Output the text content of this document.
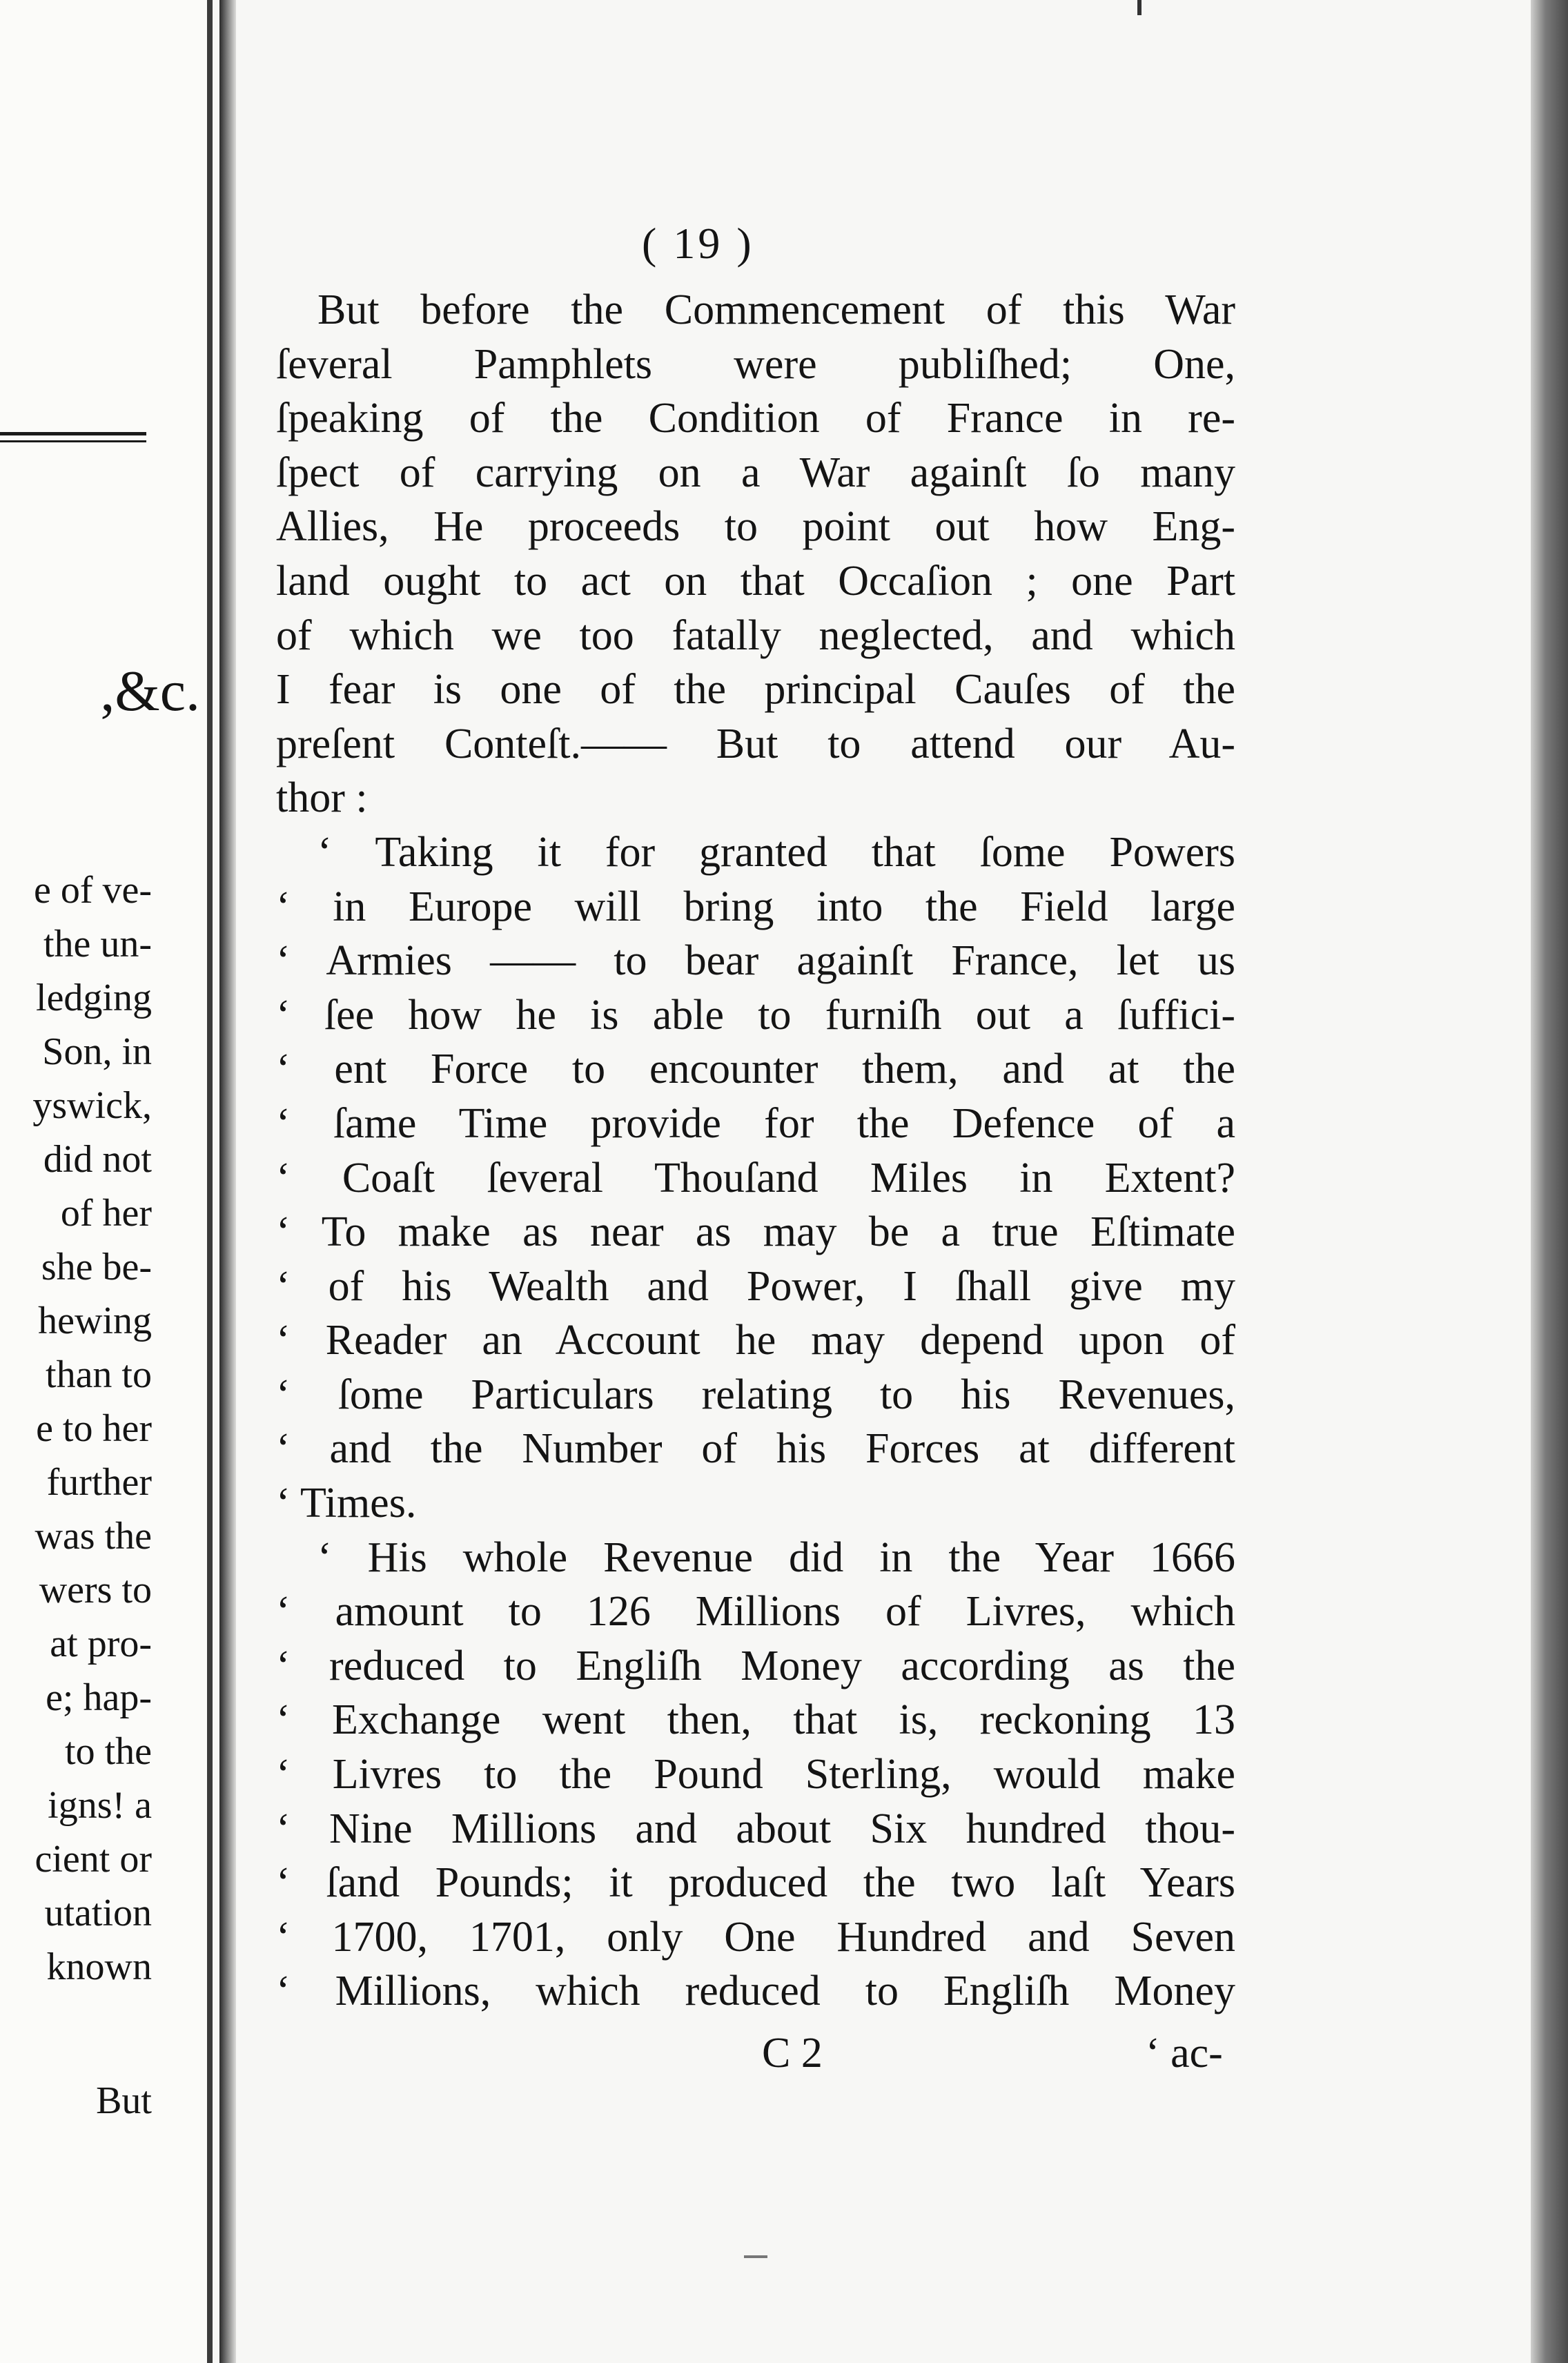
,&c.
e of ve-
the un-
ledging
Son, in
yswick,
did not
of her
she be-
hewing
than to
e to her
further
was the
wers to
at pro-
e; hap-
to the
igns! a
cient or
utation
known
But
( 19 )
But before the Commencement of this War
ſeveral Pamphlets were publiſhed; One,
ſpeaking of the Condition of France in re-
ſpect of carrying on a War againſt ſo many
Allies, He proceeds to point out how Eng-
land ought to act on that Occaſion ; one Part
of which we too fatally neglected, and which
I fear is one of the principal Cauſes of the
preſent Conteſt.—— But to attend our Au-
thor :
‘ Taking it for granted that ſome Powers
‘ in Europe will bring into the Field large
‘ Armies —— to bear againſt France, let us
‘ ſee how he is able to furniſh out a ſuffici-
‘ ent Force to encounter them, and at the
‘ ſame Time provide for the Defence of a
‘ Coaſt ſeveral Thouſand Miles in Extent?
‘ To make as near as may be a true Eſtimate
‘ of his Wealth and Power, I ſhall give my
‘ Reader an Account he may depend upon of
‘ ſome Particulars relating to his Revenues,
‘ and the Number of his Forces at different
‘ Times.
‘ His whole Revenue did in the Year 1666
‘ amount to 126 Millions of Livres, which
‘ reduced to Engliſh Money according as the
‘ Exchange went then, that is, reckoning 13
‘ Livres to the Pound Sterling, would make
‘ Nine Millions and about Six hundred thou-
‘ ſand Pounds; it produced the two laſt Years
‘ 1700, 1701, only One Hundred and Seven
‘ Millions, which reduced to Engliſh Money
C 2	‘ ac-
